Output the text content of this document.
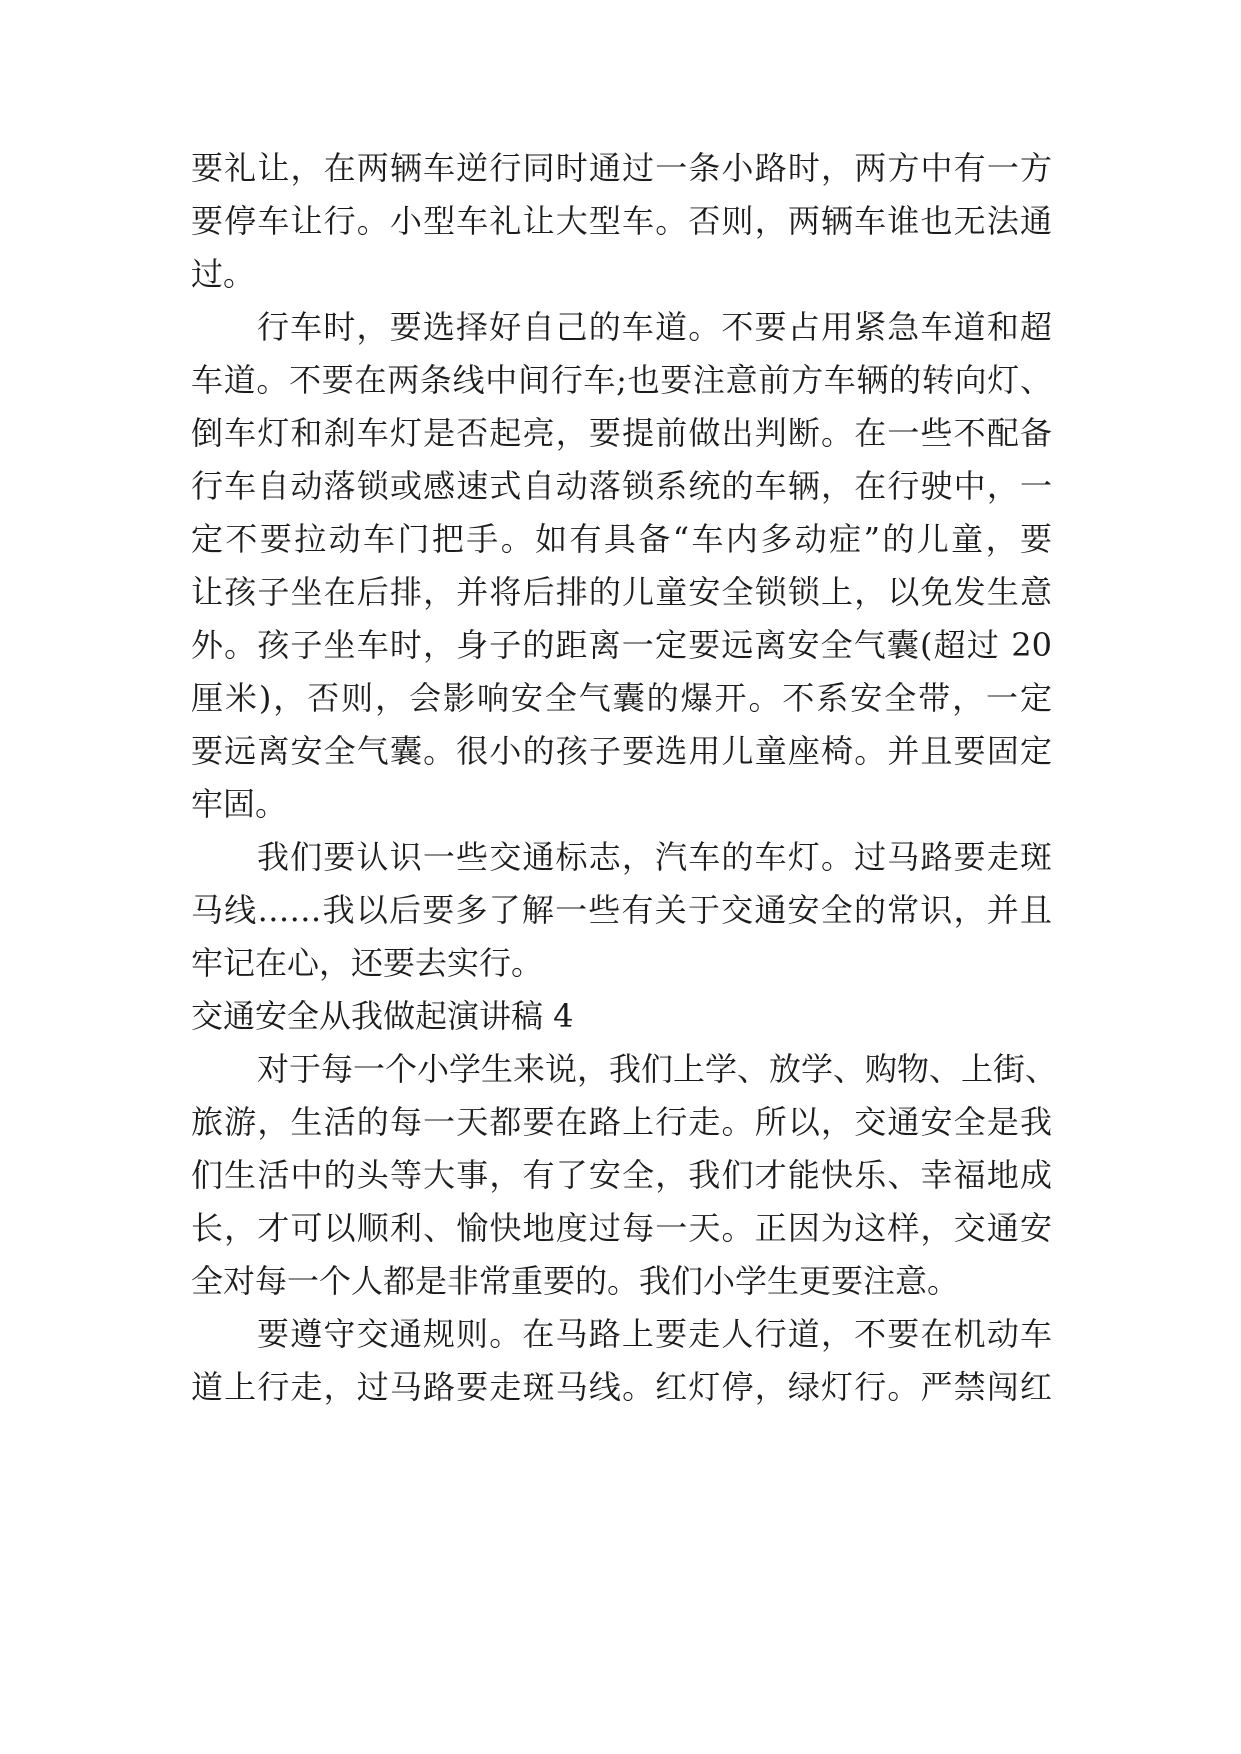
要礼让，在两辆车逆行同时通过一条小路时，两方中有一方
要停车让行。小型车礼让大型车。否则，两辆车谁也无法通
过。
行车时，要选择好自己的车道。不要占用紧急车道和超
车道。不要在两条线中间行车;也要注意前方车辆的转向灯、
倒车灯和刹车灯是否起亮，要提前做出判断。在一些不配备
行车自动落锁或感速式自动落锁系统的车辆，在行驶中，一
定不要拉动车门把手。如有具备“车内多动症”的儿童，要
让孩子坐在后排，并将后排的儿童安全锁锁上，以免发生意
外。孩子坐车时，身子的距离一定要远离安全气囊(超过 20
厘米)，否则，会影响安全气囊的爆开。不系安全带，一定
要远离安全气囊。很小的孩子要选用儿童座椅。并且要固定
牢固。
我们要认识一些交通标志，汽车的车灯。过马路要走斑
马线……我以后要多了解一些有关于交通安全的常识，并且
牢记在心，还要去实行。
交通安全从我做起演讲稿 4
对于每一个小学生来说，我们上学、放学、购物、上街、
旅游，生活的每一天都要在路上行走。所以，交通安全是我
们生活中的头等大事，有了安全，我们才能快乐、幸福地成
长，才可以顺利、愉快地度过每一天。正因为这样，交通安
全对每一个人都是非常重要的。我们小学生更要注意。
要遵守交通规则。在马路上要走人行道，不要在机动车
道上行走，过马路要走斑马线。红灯停，绿灯行。严禁闯红
